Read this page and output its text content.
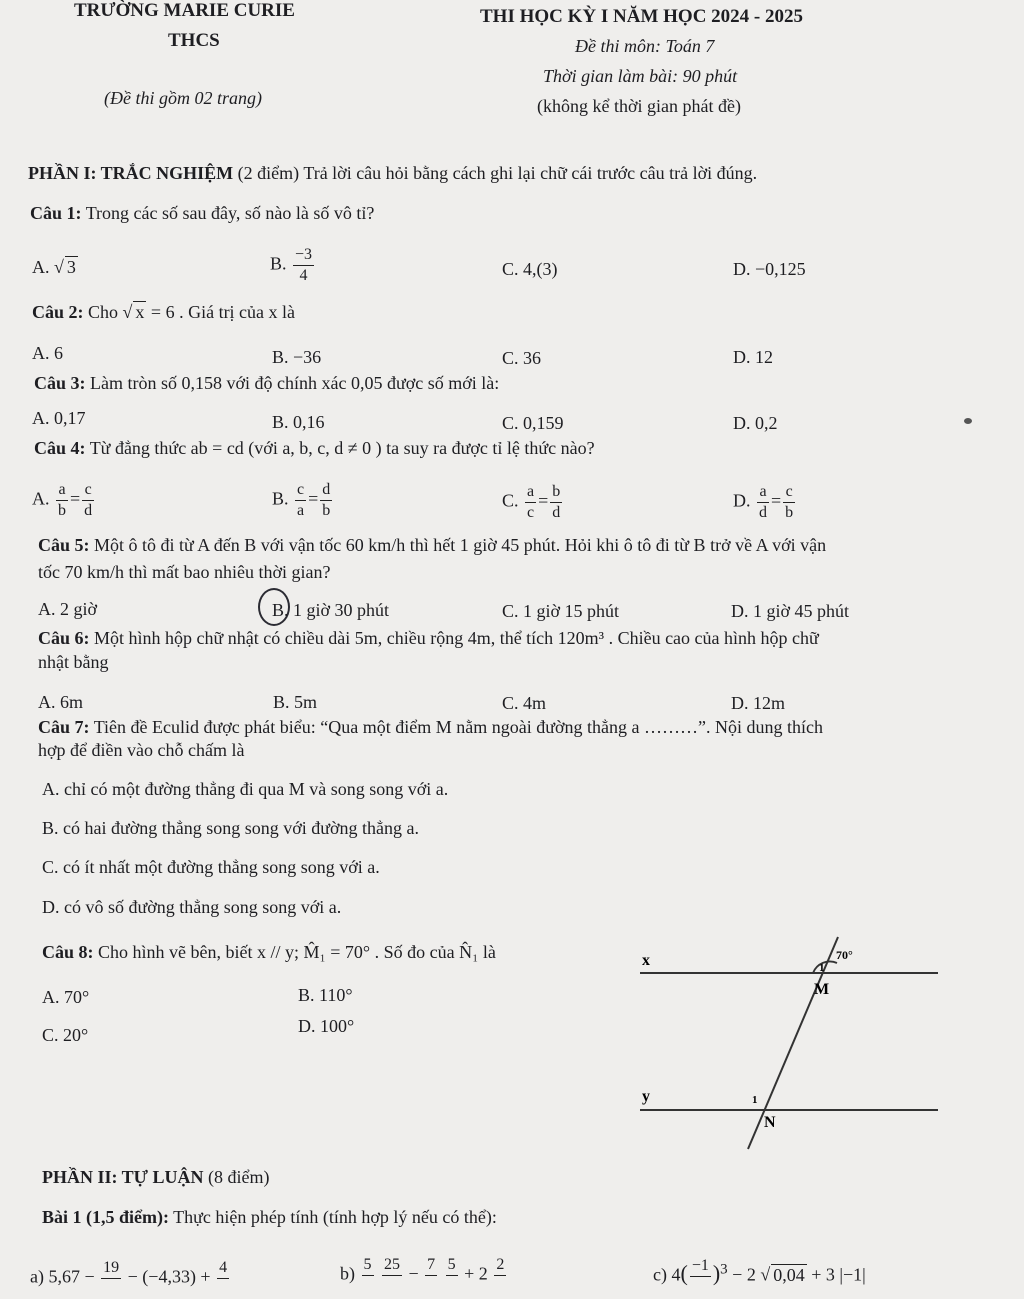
TRƯỜNG MARIE CURIE
THCS
(Đề thi gồm 02 trang)
THI HỌC KỲ I NĂM HỌC 2024 - 2025
Đề thi môn: Toán 7
Thời gian làm bài: 90 phút
(không kể thời gian phát đề)
PHẦN I: TRẮC NGHIỆM (2 điểm) Trả lời câu hỏi bằng cách ghi lại chữ cái trước câu trả lời đúng.
Câu 1: Trong các số sau đây, số nào là số vô tỉ?
A. √ 3	B. $\frac{-3}{4}$	C. 4,(3)	D. −0,125
Câu 2: Cho √ x = 6 . Giá trị của x là
A. 6	B. −36	C. 36	D. 12
Câu 3: Làm tròn số 0,158 với độ chính xác 0,05 được số mới là:
A. 0,17	B. 0,16	C. 0,159	D. 0,2
Câu 4: Từ đẳng thức ab = cd (với a, b, c, d ≠ 0 ) ta suy ra được tỉ lệ thức nào?
A. $\frac{a}{b} = \frac{c}{d}$	B. $\frac{c}{a} = \frac{d}{b}$	C. $\frac{a}{c} = \frac{b}{d}$	D. $\frac{a}{d} = \frac{c}{b}$
Câu 5: Một ô tô đi từ A đến B với vận tốc 60 km/h thì hết 1 giờ 45 phút. Hỏi khi ô tô đi từ B trở về A với vận
tốc 70 km/h thì mất bao nhiêu thời gian?
A. 2 giờ	B. 1 giờ 30 phút	C. 1 giờ 15 phút	D. 1 giờ 45 phút
Câu 6: Một hình hộp chữ nhật có chiều dài 5m, chiều rộng 4m, thể tích 120m³ . Chiều cao của hình hộp chữ
nhật bằng
A. 6m	B. 5m	C. 4m	D. 12m
Câu 7: Tiên đề Eculid được phát biểu: “Qua một điểm M nằm ngoài đường thẳng a ………”. Nội dung thích
hợp để điền vào chỗ chấm là
A. chỉ có một đường thẳng đi qua M và song song với a.
B. có hai đường thẳng song song với đường thẳng a.
C. có ít nhất một đường thẳng song song với a.
D. có vô số đường thẳng song song với a.
Câu 8: Cho hình vẽ bên, biết x // y; M̂₁ = 70° . Số đo của N̂₁ là
A. 70°	B. 110°
C. 20°	D. 100°
x
y
M
N
70°
1
1
PHẦN II: TỰ LUẬN (8 điểm)
Bài 1 (1,5 điểm): Thực hiện phép tính (tính hợp lý nếu có thể):
a) 5,67 − 19
− (−4,33) + 4
	b) 5

25
− 7

5
+ 2 2

c) 4( −1
)$^3$ − 2 √ 0,04 + 3 |−1|
